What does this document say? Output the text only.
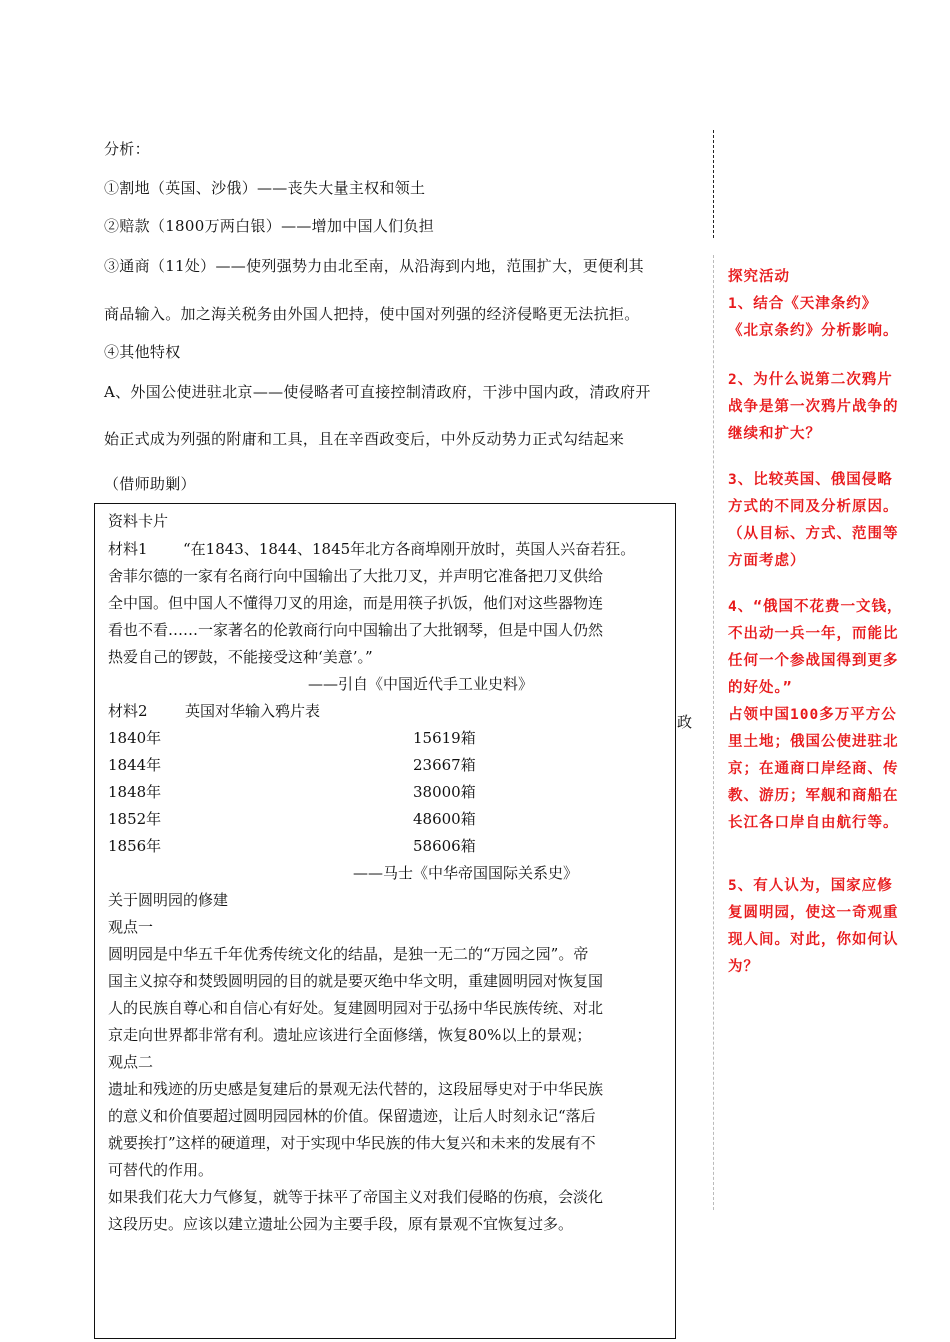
分析：
①割地（英国、沙俄）——丧失大量主权和领土
②赔款（1800万两白银）——增加中国人们负担
③通商（11处）——使列强势力由北至南，从沿海到内地，范围扩大，更便利其
商品输入。加之海关税务由外国人把持，使中国对列强的经济侵略更无法抗拒。
④其他特权
A、外国公使进驻北京——使侵略者可直接控制清政府，干涉中国内政，清政府开
始正式成为列强的附庸和工具，且在辛酉政变后，中外反动势力正式勾结起来
（借师助剿）
政
资料卡片
材料1 “在1843、1844、1845年北方各商埠刚开放时，英国人兴奋若狂。
舍菲尔德的一家有名商行向中国输出了大批刀叉，并声明它准备把刀叉供给
全中国。但中国人不懂得刀叉的用途，而是用筷子扒饭，他们对这些器物连
看也不看……一家著名的伦敦商行向中国输出了大批钢琴，但是中国人仍然
热爱自己的锣鼓，不能接受这种‘美意’。”
——引自《中国近代手工业史料》
材料2 英国对华输入鸦片表
1840年	15619箱
1844年	23667箱
1848年	38000箱
1852年	48600箱
1856年	58606箱
——马士《中华帝国国际关系史》
关于圆明园的修建
观点一
圆明园是中华五千年优秀传统文化的结晶，是独一无二的“万园之园”。帝
国主义掠夺和焚毁圆明园的目的就是要灭绝中华文明，重建圆明园对恢复国
人的民族自尊心和自信心有好处。复建圆明园对于弘扬中华民族传统、对北
京走向世界都非常有利。遗址应该进行全面修缮，恢复80%以上的景观；
观点二
遗址和残迹的历史感是复建后的景观无法代替的，这段屈辱史对于中华民族
的意义和价值要超过圆明园园林的价值。保留遗迹，让后人时刻永记“落后
就要挨打”这样的硬道理，对于实现中华民族的伟大复兴和未来的发展有不
可替代的作用。
如果我们花大力气修复，就等于抹平了帝国主义对我们侵略的伤痕，会淡化
这段历史。应该以建立遗址公园为主要手段，原有景观不宜恢复过多。
探究活动
1、结合《天津条约》
《北京条约》分析影响。
2、为什么说第二次鸦片
战争是第一次鸦片战争的
继续和扩大？
3、比较英国、俄国侵略
方式的不同及分析原因。
（从目标、方式、范围等
方面考虑）
4、“俄国不花费一文钱，
不出动一兵一年，而能比
任何一个参战国得到更多
的好处。”
占领中国100多万平方公
里土地；俄国公使进驻北
京；在通商口岸经商、传
教、游历；军舰和商船在
长江各口岸自由航行等。
5、有人认为，国家应修
复圆明园，使这一奇观重
现人间。对此，你如何认
为？
